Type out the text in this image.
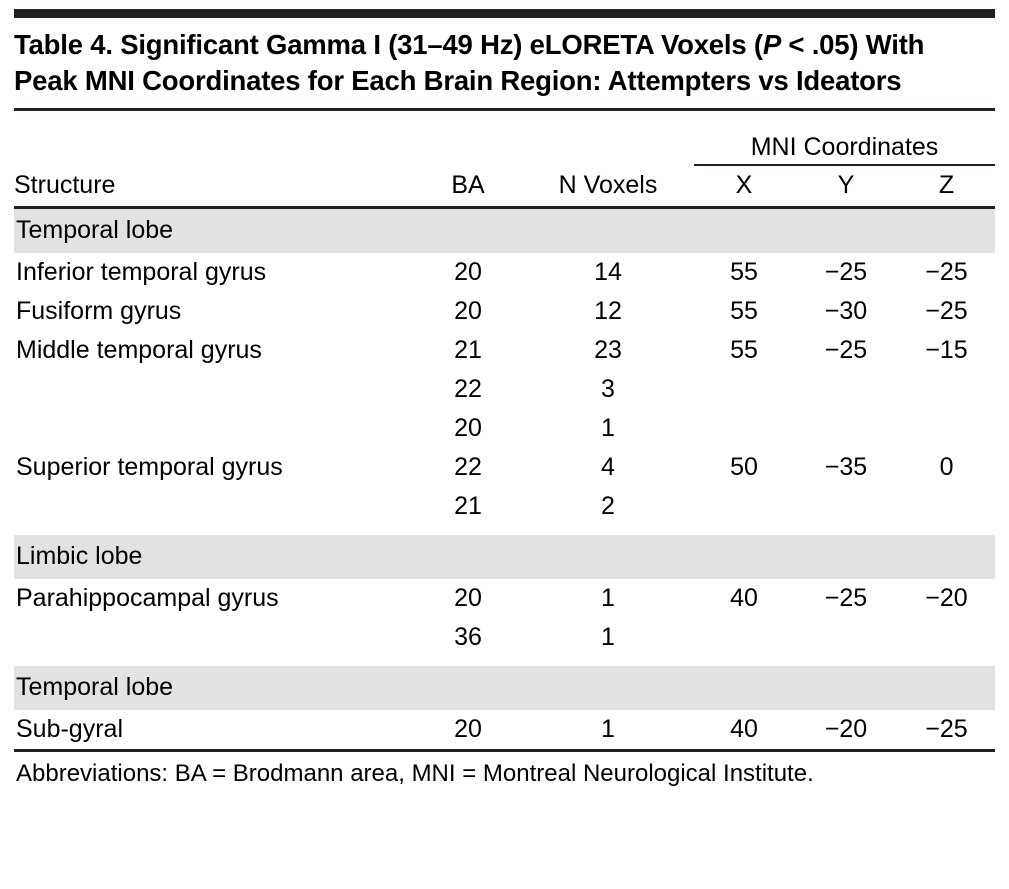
Table 4. Significant Gamma I (31–49 Hz) eLORETA Voxels (P < .05) With Peak MNI Coordinates for Each Brain Region: Attempters vs Ideators
			MNI Coordinates		
Structure	BA	N Voxels	X	Y	Z
Temporal lobe					
Inferior temporal gyrus	20	14	55	−25	−25
Fusiform gyrus	20	12	55	−30	−25
Middle temporal gyrus	21	23	55	−25	−15
	22	3			
	20	1			
Superior temporal gyrus	22	4	50	−35	0
	21	2			

Limbic lobe					
Parahippocampal gyrus	20	1	40	−25	−20
	36	1			

Temporal lobe					
Sub-gyral	20	1	40	−20	−25
Abbreviations: BA = Brodmann area, MNI = Montreal Neurological Institute.					
